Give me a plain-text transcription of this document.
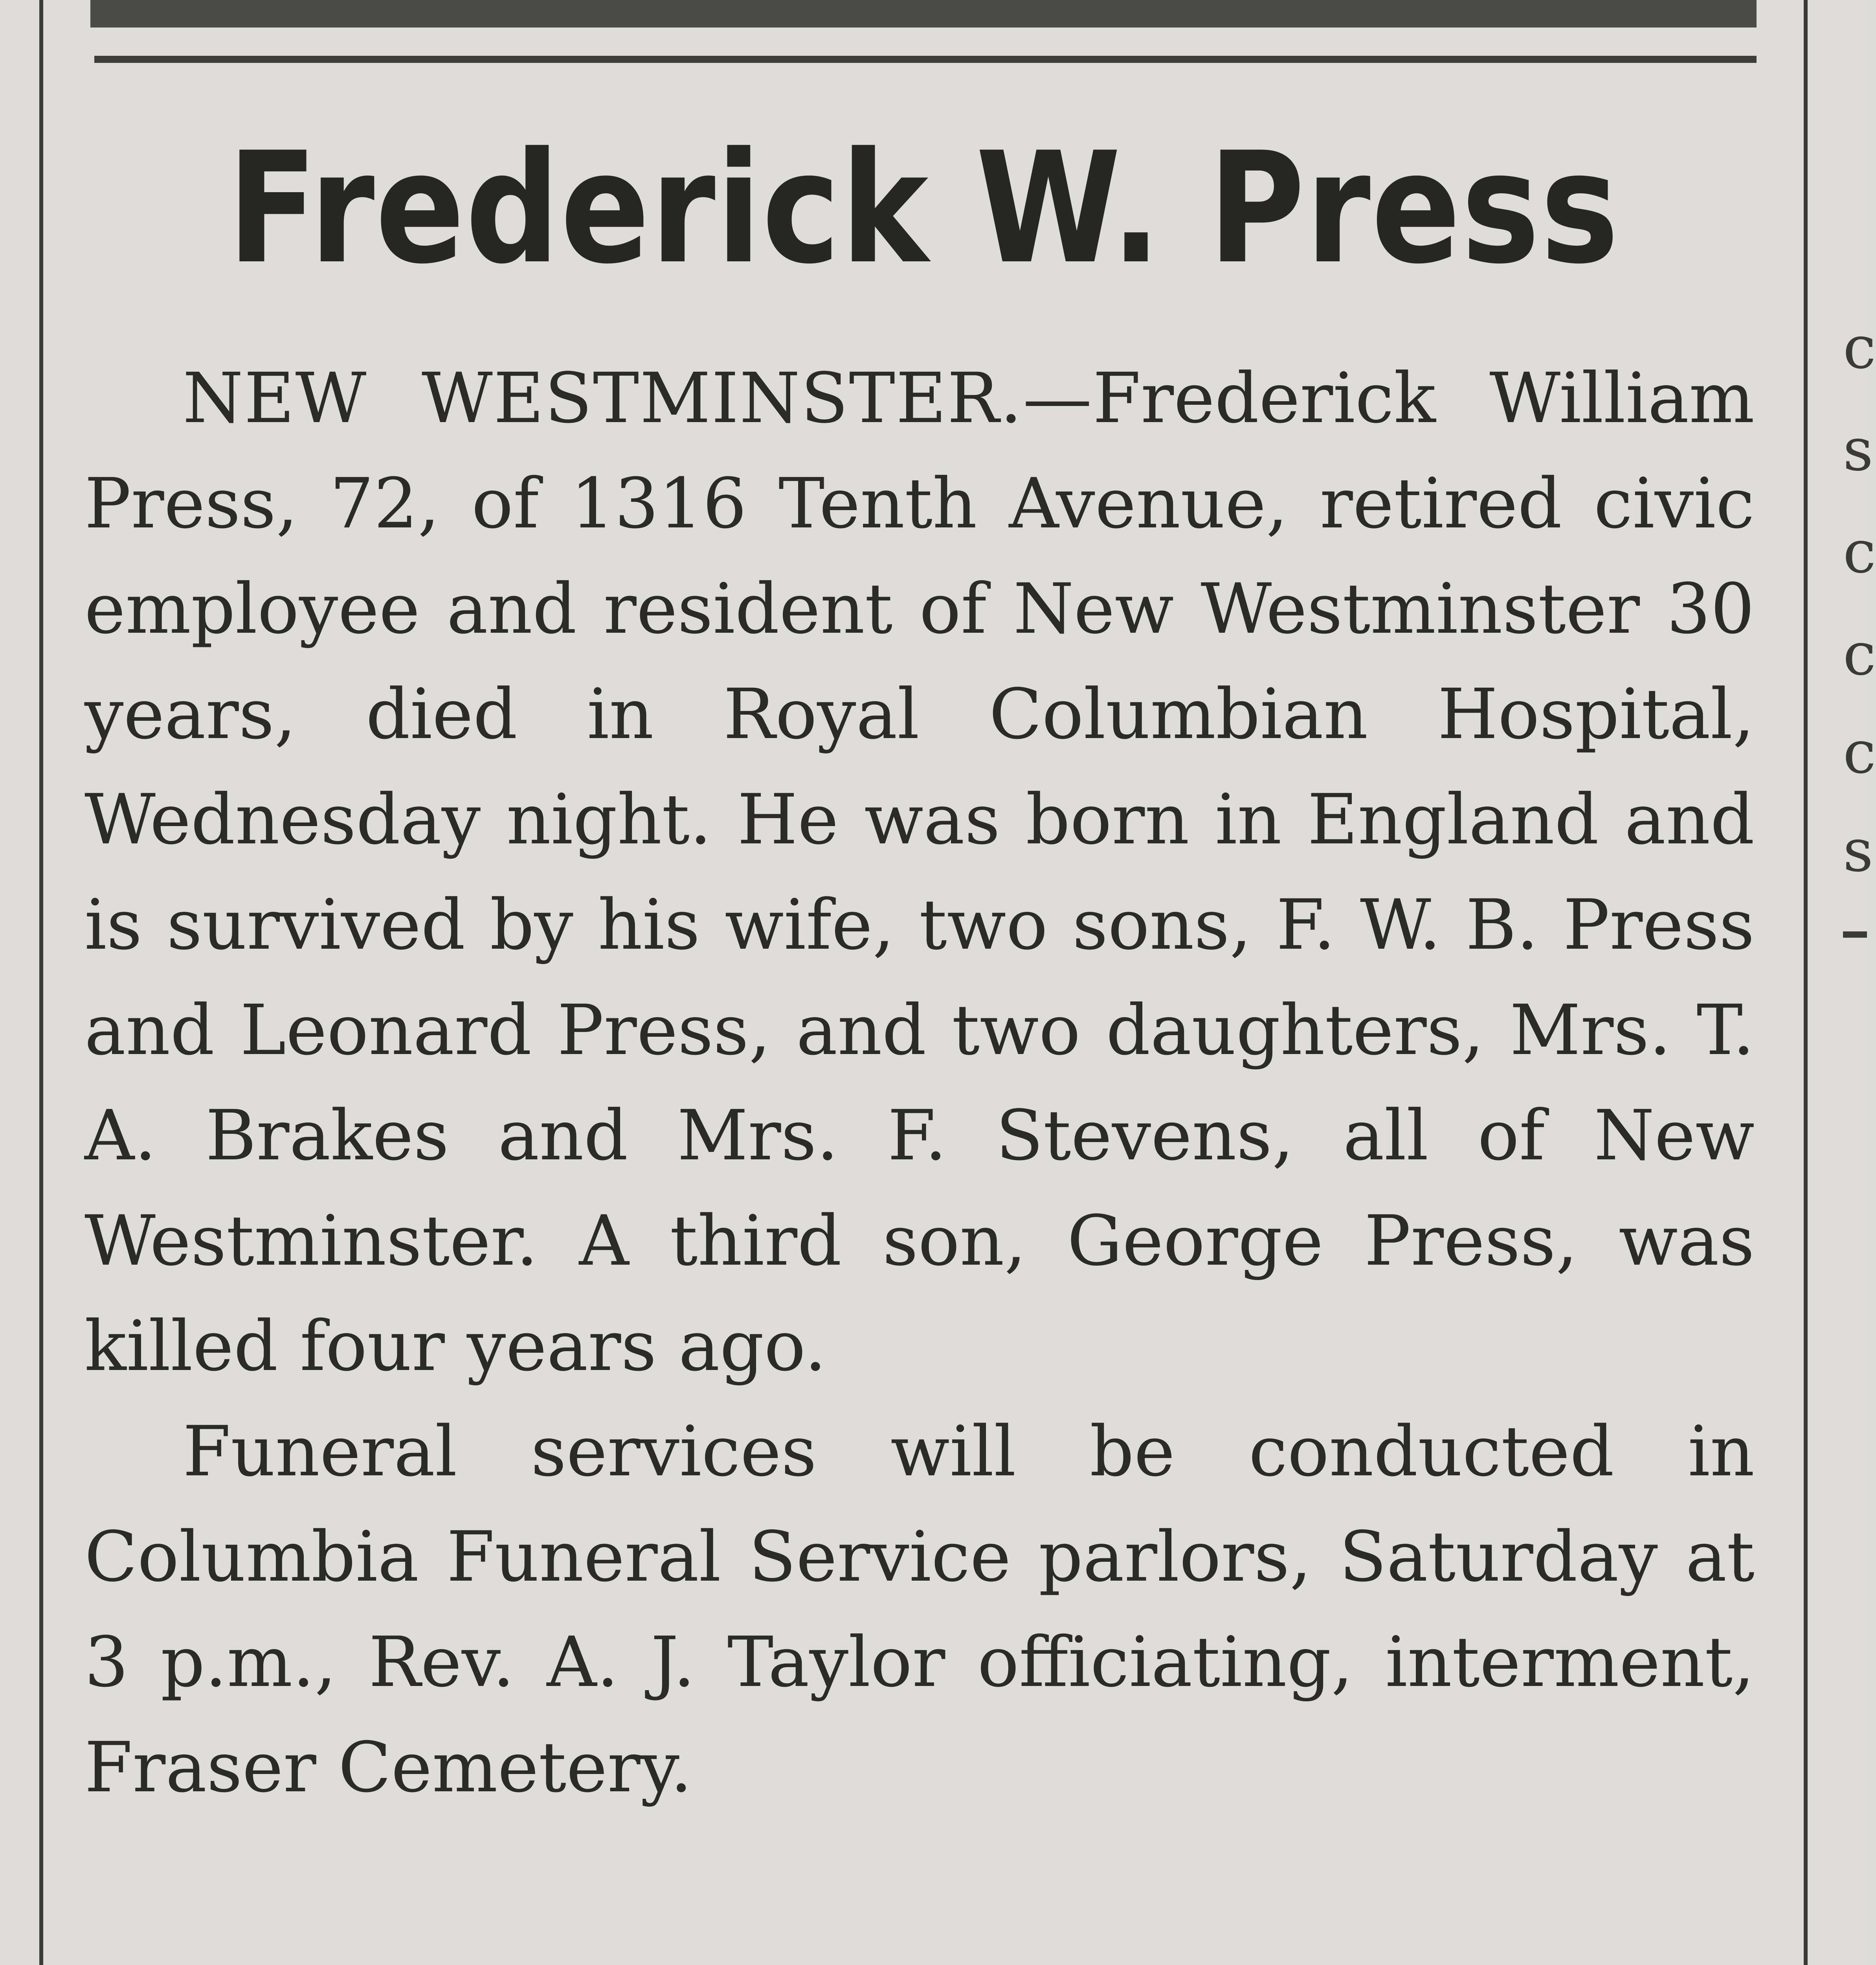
Frederick W. Press

NEW WESTMINSTER.—Frederick William Press, 72, of 1316 Tenth Avenue, retired civic employee and resident of New Westminster 30 years, died in Royal Columbian Hospital, Wednesday night. He was born in England and is survived by his wife, two sons, F. W. B. Press and Leonard Press, and two daughters, Mrs. T. A. Brakes and Mrs. F. Stevens, all of New Westminster. A third son, George Press, was killed four years ago.

Funeral services will be conducted in Columbia Funeral Service parlors, Saturday at 3 p.m., Rev. A. J. Taylor officiating, interment, Fraser Cemetery.

c
s
c
c
c
s
